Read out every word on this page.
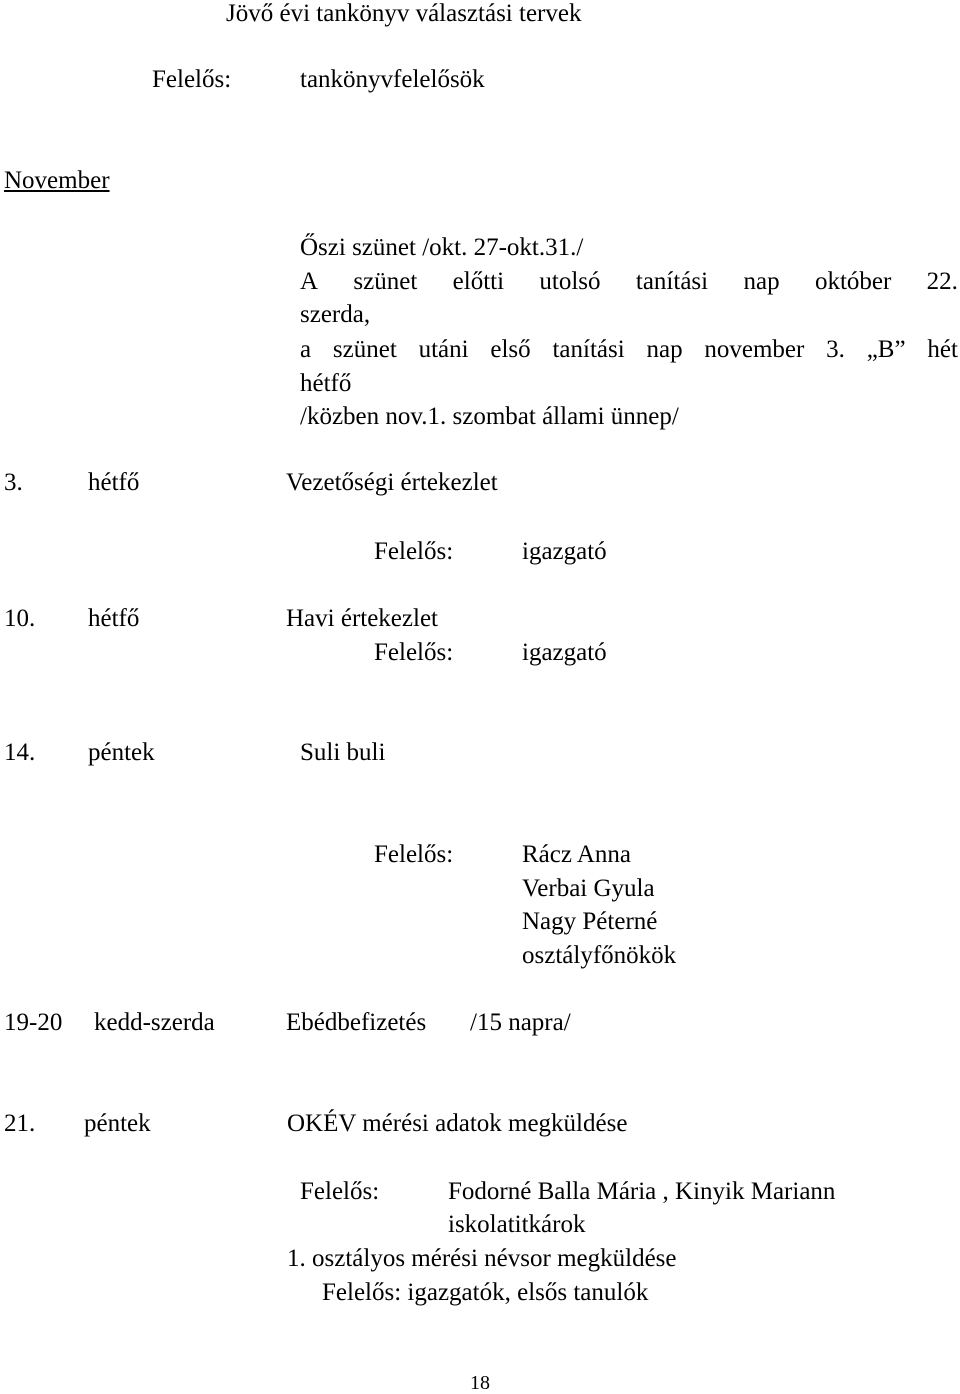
Jövő évi tankönyv választási tervek
Felelős:	tankönyvfelelősök
November
Őszi szünet /okt. 27-okt.31./
A szünet előtti utolsó tanítási nap október 22.
szerda,
a szünet utáni első tanítási nap november 3. „B” hét
hétfő
/közben nov.1. szombat állami ünnep/
3.	hétfő	Vezetőségi értekezlet
Felelős:	igazgató
10. hétfő	Havi értekezlet
Felelős:	igazgató
14. péntek	Suli buli
Felelős:	Rácz Anna
Verbai Gyula
Nagy Péterné
osztályfőnökök
19-20 kedd-szerda	Ebédbefizetés /15 napra/
21. péntek	OKÉV mérési adatok megküldése
Felelős:	Fodorné Balla Mária , Kinyik Mariann
iskolatitkárok
1. osztályos mérési névsor megküldése
Felelős: igazgatók, elsős tanulók
18
